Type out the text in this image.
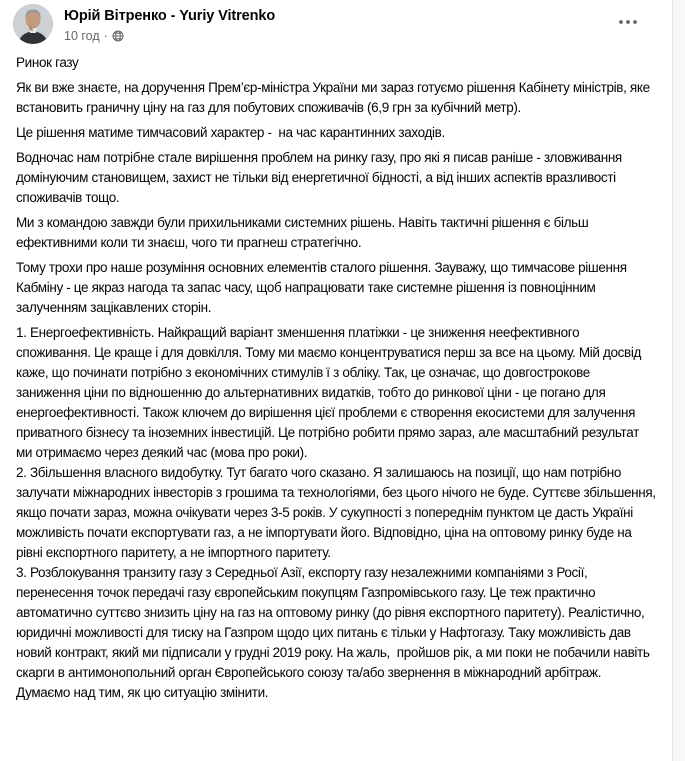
Юрій Вітренко - Yuriy Vitrenko
10 год ·

Ринок газу

Як ви вже знаєте, на доручення Прем’єр-міністра України ми зараз готуємо рішення Кабінету міністрів, яке встановить граничну ціну на газ для побутових споживачів (6,9 грн за кубічний метр).

Це рішення матиме тимчасовий характер -  на час карантинних заходів.

Водночас нам потрібне стале вирішення проблем на ринку газу, про які я писав раніше - зловживання домінуючим становищем, захист не тільки від енергетичної бідності, а від інших аспектів вразливості споживачів тощо.

Ми з командою завжди були прихильниками системних рішень. Навіть тактичні рішення є більш ефективними коли ти знаєш, чого ти прагнеш стратегічно.

Тому трохи про наше розуміння основних елементів сталого рішення. Зауважу, що тимчасове рішення Кабміну - це якраз нагода та запас часу, щоб напрацювати таке системне рішення із повноцінним залученням зацікавлених сторін.

1. Енергоефективність. Найкращий варіант зменшення платіжки - це зниження неефективного споживання. Це краще і для довкілля. Тому ми маємо концентруватися перш за все на цьому. Мій досвід каже, що починати потрібно з економічних стимулів ї з обліку. Так, це означає, що довгострокове заниження ціни по відношенню до альтернативних видатків, тобто до ринкової ціни - це погано для енергоефективності. Також ключем до вирішення цієї проблеми є створення екосистеми для залучення приватного бізнесу та іноземних інвестицій. Це потрібно робити прямо зараз, але масштабний результат ми отримаємо через деякий час (мова про роки).

2. Збільшення власного видобутку. Тут багато чого сказано. Я залишаюсь на позиції, що нам потрібно залучати міжнародних інвесторів з грошима та технологіями, без цього нічого не буде. Суттєве збільшення, якщо почати зараз, можна очікувати через 3-5 років. У сукупності з попереднім пунктом це дасть Україні можливість почати експортувати газ, а не імпортувати його. Відповідно, ціна на оптовому ринку буде на рівні експортного паритету, а не імпортного паритету.

3. Розблокування транзиту газу з Середньої Азії, експорту газу незалежними компаніями з Росії, перенесення точок передачі газу європейським покупцям Газпромівського газу. Це теж практично автоматично суттєво знизить ціну на газ на оптовому ринку (до рівня експортного паритету). Реалістично, юридичні можливості для тиску на Газпром щодо цих питань є тільки у Нафтогазу. Таку можливість дав новий контракт, який ми підписали у грудні 2019 року. На жаль,  пройшов рік, а ми поки не побачили навіть скарги в антимонопольний орган Європейського союзу та/або звернення в міжнародний арбітраж. Думаємо над тим, як цю ситуацію змінити.
